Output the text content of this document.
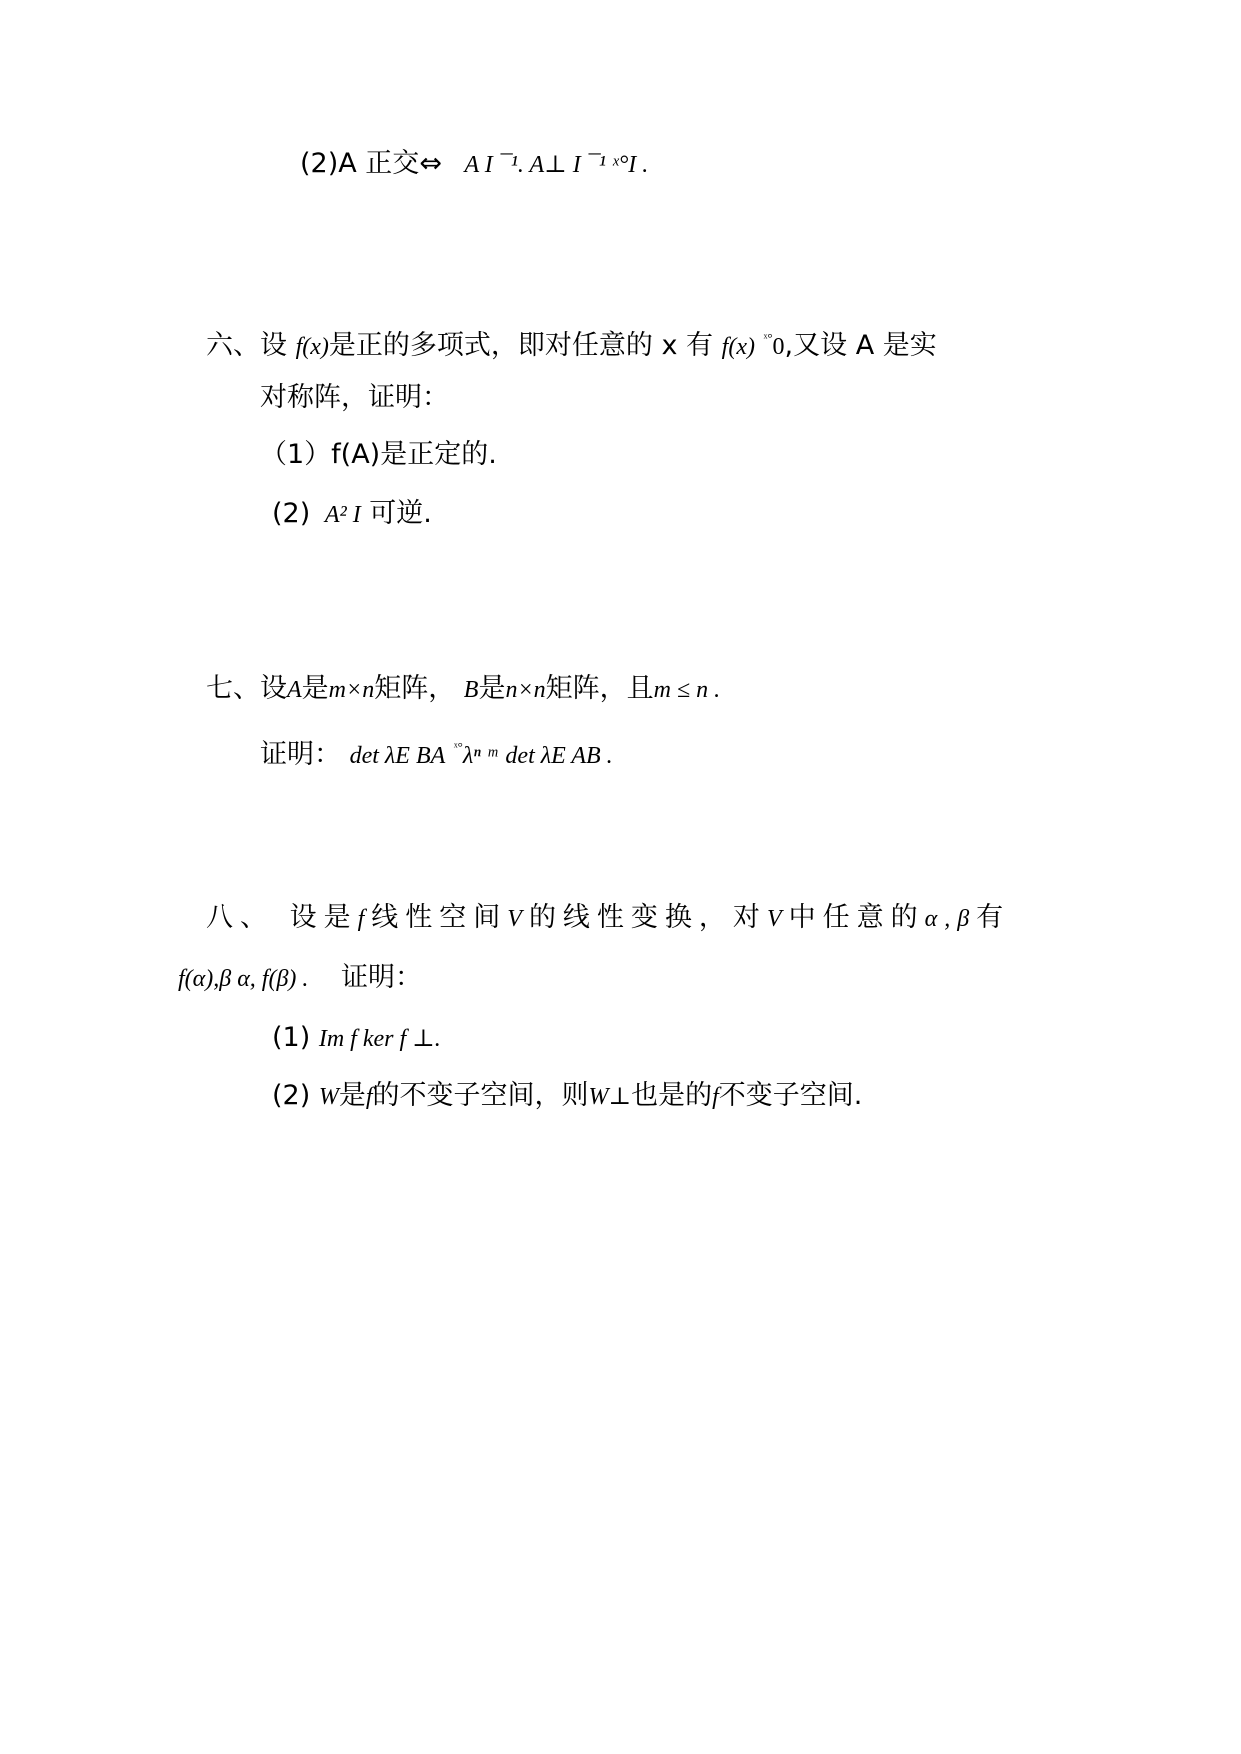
(2)A 正交⇔ A I ¯¹. A⊥ I ¯¹ ˣ°I .
六、设 f(x)是正的多项式，即对任意的 x 有 f(x) $^{ˣ^\circ}$0,又设 A 是实
对称阵，证明：
（1）f(A)是正定的.
(2) A² I 可逆.
七、设A是m×n矩阵， B是n×n矩阵，且m ≤ n .
证明： det λE BA $^{ˣ^\circ}$λⁿ ᵐ det λE AB .
八、 设是f线性空间V的线性变换，对V中任意的α,β有
f(α),β α, f(β) . 证明：
(1) Im f ker f ⊥.
(2) W是f的不变子空间，则W⊥也是的f不变子空间.
